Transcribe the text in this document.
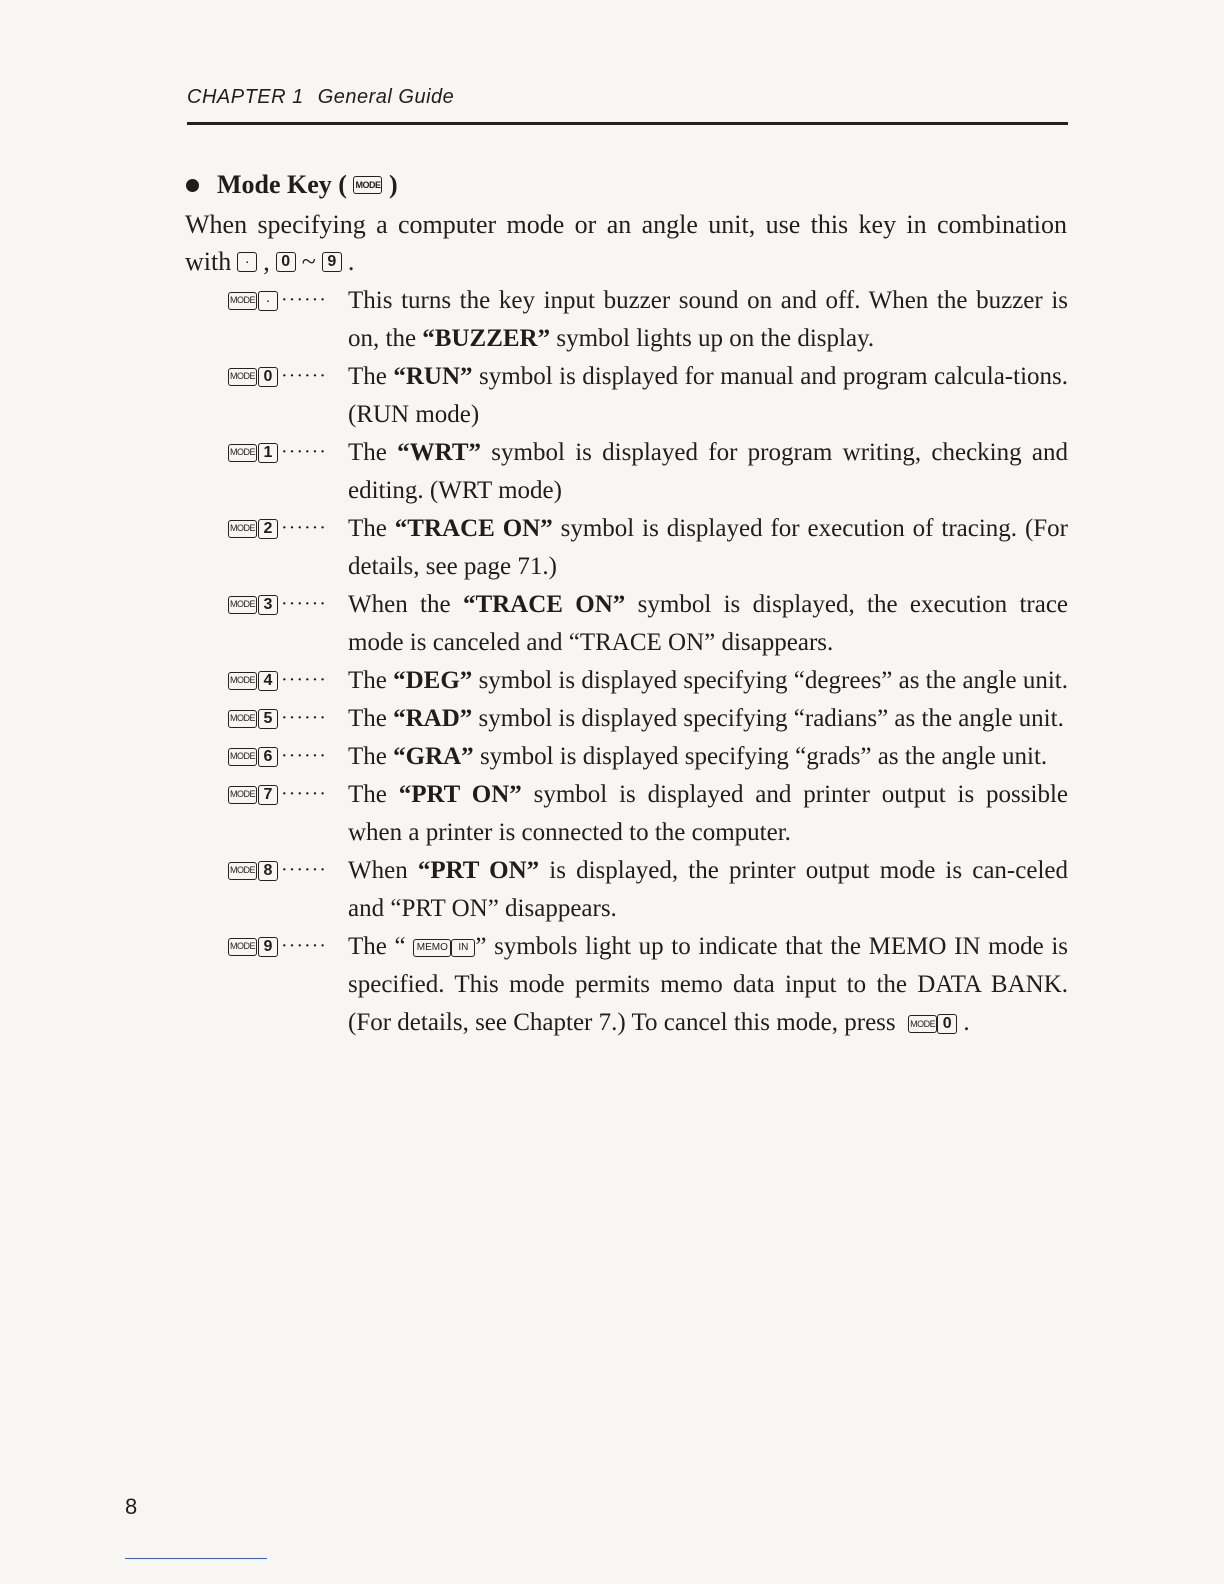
CHAPTER 1 General Guide
Mode Key (
MODE
)
When specifying a computer mode or an angle unit, use this key in combination
with · , 0 ~ 9 .
MODE · ······ This turns the key input buzzer sound on and off. When the buzzer is on, the “BUZZER” symbol lights up on the display.
MODE 0 ······ The “RUN” symbol is displayed for manual and program calcula-tions. (RUN mode)
MODE 1 ······ The “WRT” symbol is displayed for program writing, checking and editing. (WRT mode)
MODE 2 ······ The “TRACE ON” symbol is displayed for execution of tracing. (For details, see page 71.)
MODE 3 ······ When the “TRACE ON” symbol is displayed, the execution trace mode is canceled and “TRACE ON” disappears.
MODE 4 ······ The “DEG” symbol is displayed specifying “degrees” as the angle unit.
MODE 5 ······ The “RAD” symbol is displayed specifying “radians” as the angle unit.
MODE 6 ······ The “GRA” symbol is displayed specifying “grads” as the angle unit.
MODE 7 ······ The “PRT ON” symbol is displayed and printer output is possible when a printer is connected to the computer.
MODE 8 ······ When “PRT ON” is displayed, the printer output mode is can-celed and “PRT ON” disappears.
MODE 9 ······ The “ MEMO IN ” symbols light up to indicate that the MEMO IN mode is specified. This mode permits memo data input to the DATA BANK. (For details, see Chapter 7.) To cancel this mode, press MODE 0 .
8
